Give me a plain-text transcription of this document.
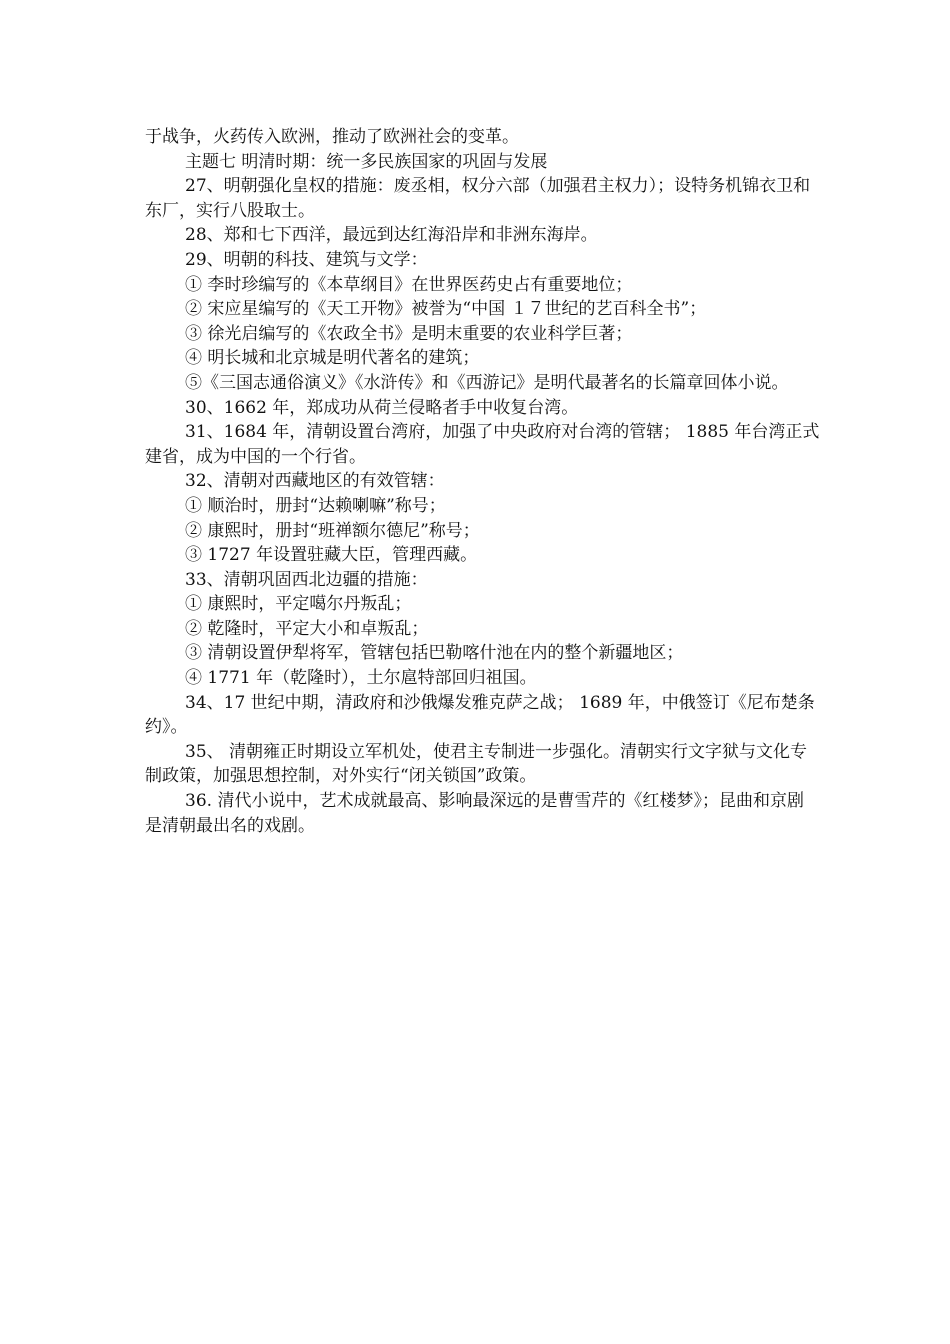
于战争，火药传入欧洲，推动了欧洲社会的变革。

主题七 明清时期：统一多民族国家的巩固与发展

27、明朝强化皇权的措施：废丞相，权分六部（加强君主权力）；设特务机锦衣卫和东厂，实行八股取士。

28、郑和七下西洋，最远到达红海沿岸和非洲东海岸。

29、明朝的科技、建筑与文学：

① 李时珍编写的《本草纲目》在世界医药史占有重要地位；

② 宋应星编写的《天工开物》被誉为“中国 １７世纪的艺百科全书”；

③ 徐光启编写的《农政全书》是明末重要的农业科学巨著；

④ 明长城和北京城是明代著名的建筑；

⑤《三国志通俗演义》《水浒传》和《西游记》是明代最著名的长篇章回体小说。

30、1662 年，郑成功从荷兰侵略者手中收复台湾。

31、1684 年，清朝设置台湾府，加强了中央政府对台湾的管辖； 1885 年台湾正式建省，成为中国的一个行省。

32、清朝对西藏地区的有效管辖：

① 顺治时，册封“达赖喇嘛”称号；

② 康熙时，册封“班禅额尔德尼”称号；

③ 1727 年设置驻藏大臣，管理西藏。

33、清朝巩固西北边疆的措施：

① 康熙时，平定噶尔丹叛乱；

② 乾隆时，平定大小和卓叛乱；

③ 清朝设置伊犁将军，管辖包括巴勒喀什池在内的整个新疆地区；

④ 1771 年（乾隆时），土尔扈特部回归祖国。

34、17 世纪中期，清政府和沙俄爆发雅克萨之战； 1689 年，中俄签订《尼布楚条约》。

35、 清朝雍正时期设立军机处，使君主专制进一步强化。清朝实行文字狱与文化专制政策，加强思想控制，对外实行“闭关锁国”政策。

36. 清代小说中，艺术成就最高、影响最深远的是曹雪芹的《红楼梦》；昆曲和京剧是清朝最出名的戏剧。
